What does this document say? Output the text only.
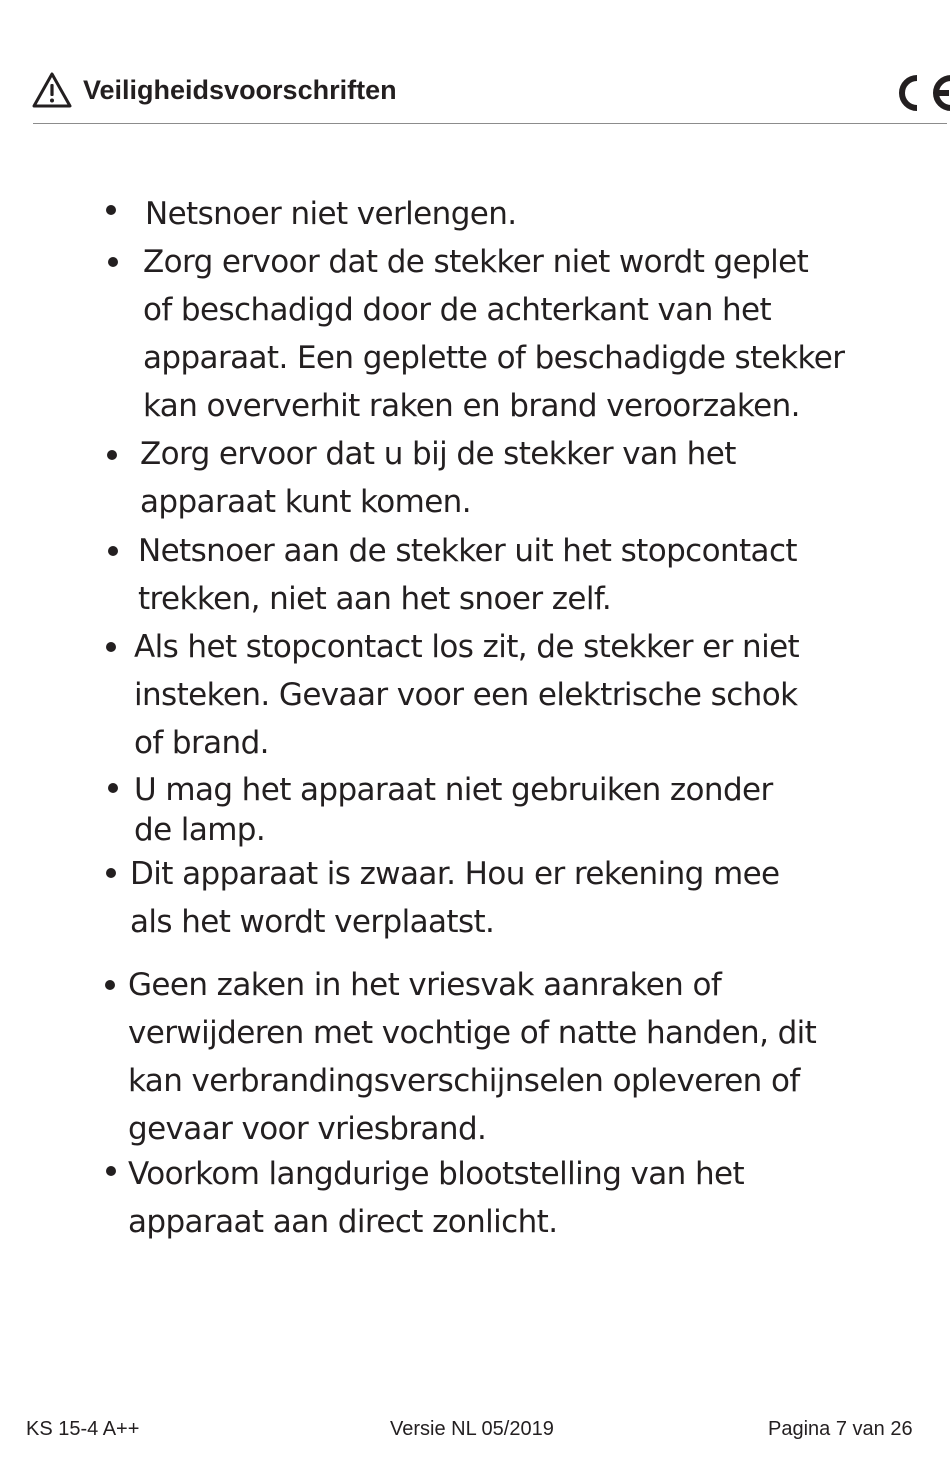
Veiligheidsvoorschriften
Netsnoer niet verlengen.
Zorg ervoor dat de stekker niet wordt geplet
of beschadigd door de achterkant van het
apparaat. Een geplette of beschadigde stekker
kan oververhit raken en brand veroorzaken.
Zorg ervoor dat u bij de stekker van het
apparaat kunt komen.
Netsnoer aan de stekker uit het stopcontact
trekken, niet aan het snoer zelf.
Als het stopcontact los zit, de stekker er niet
insteken. Gevaar voor een elektrische schok
of brand.
U mag het apparaat niet gebruiken zonder
de lamp.
Dit apparaat is zwaar. Hou er rekening mee
als het wordt verplaatst.
Geen zaken in het vriesvak aanraken of
verwijderen met vochtige of natte handen, dit
kan verbrandingsverschijnselen opleveren of
gevaar voor vriesbrand.
Voorkom langdurige blootstelling van het
apparaat aan direct zonlicht.
KS 15-4 A++	Versie NL 05/2019	Pagina 7 van 26
